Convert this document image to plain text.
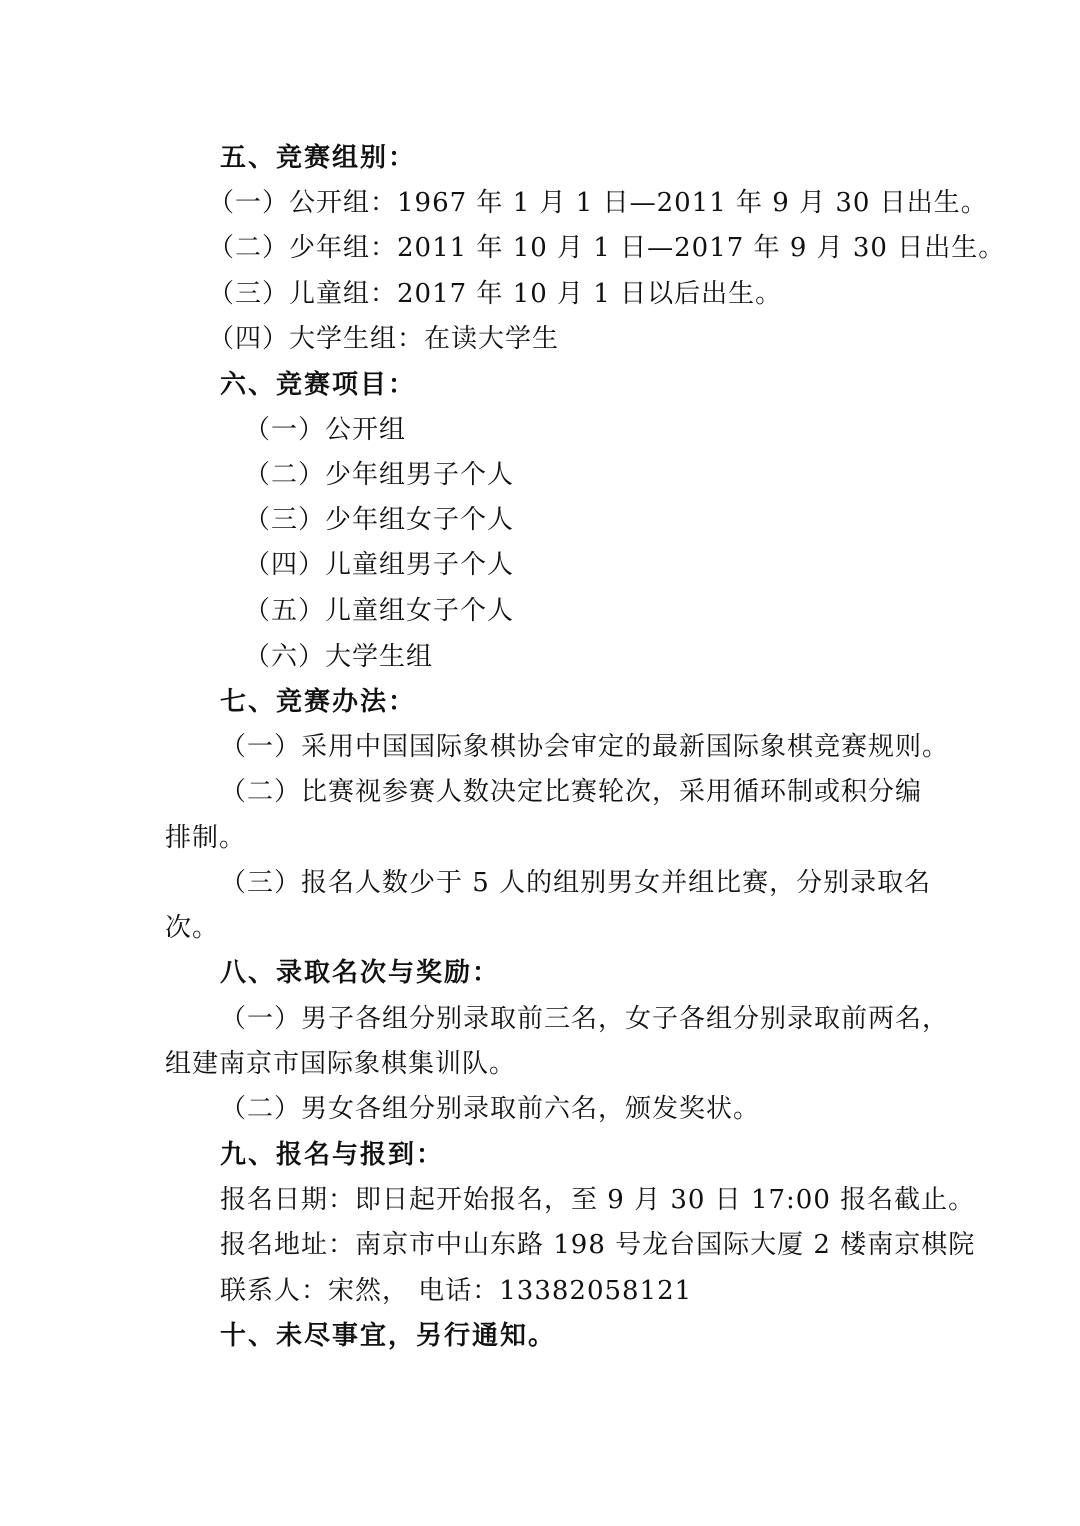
五、竞赛组别：
（一）公开组：1967 年 1 月 1 日—2011 年 9 月 30 日出生。
（二）少年组：2011 年 10 月 1 日—2017 年 9 月 30 日出生。
（三）儿童组：2017 年 10 月 1 日以后出生。
（四）大学生组：在读大学生
六、竞赛项目：
（一）公开组
（二）少年组男子个人
（三）少年组女子个人
（四）儿童组男子个人
（五）儿童组女子个人
（六）大学生组
七、竞赛办法：
（一）采用中国国际象棋协会审定的最新国际象棋竞赛规则。
（二）比赛视参赛人数决定比赛轮次，采用循环制或积分编
排制。
（三）报名人数少于 5 人的组别男女并组比赛，分别录取名
次。
八、录取名次与奖励：
（一）男子各组分别录取前三名，女子各组分别录取前两名，
组建南京市国际象棋集训队。
（二）男女各组分别录取前六名，颁发奖状。
九、报名与报到：
报名日期：即日起开始报名，至 9 月 30 日 17:00 报名截止。
报名地址：南京市中山东路 198 号龙台国际大厦 2 楼南京棋院
联系人：宋然， 电话：13382058121
十、未尽事宜，另行通知。
